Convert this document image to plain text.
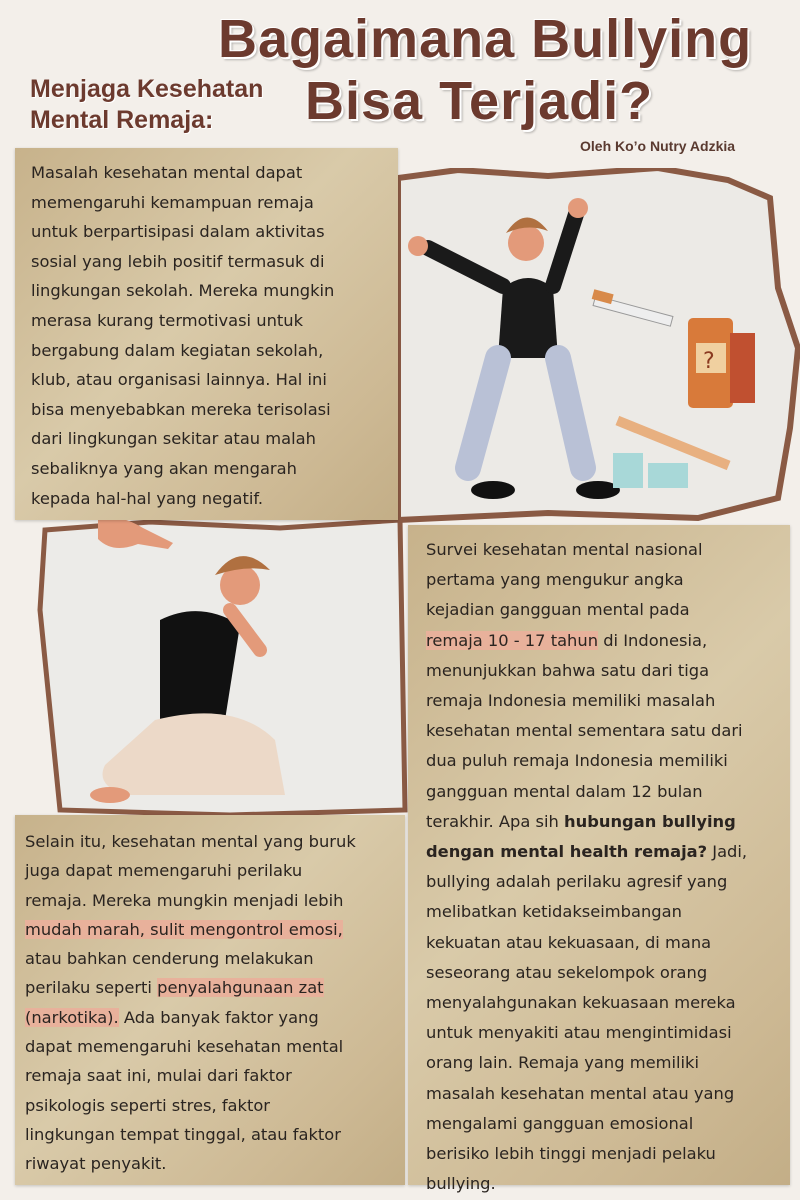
Bagaimana Bullying
Bisa Terjadi?
Menjaga Kesehatan
Mental Remaja:
Oleh Ko’o Nutry Adzkia
?
Masalah kesehatan mental dapat
memengaruhi kemampuan remaja
untuk berpartisipasi dalam aktivitas
sosial yang lebih positif termasuk di
lingkungan sekolah. Mereka mungkin
merasa kurang termotivasi untuk
bergabung dalam kegiatan sekolah,
klub, atau organisasi lainnya. Hal ini
bisa menyebabkan mereka terisolasi
dari lingkungan sekitar atau malah
sebaliknya yang akan mengarah
kepada hal-hal yang negatif.
Selain itu, kesehatan mental yang buruk
juga dapat memengaruhi perilaku
remaja. Mereka mungkin menjadi lebih
mudah marah, sulit mengontrol emosi,
atau bahkan cenderung melakukan
perilaku seperti penyalahgunaan zat
(narkotika). Ada banyak faktor yang
dapat memengaruhi kesehatan mental
remaja saat ini, mulai dari faktor
psikologis seperti stres, faktor
lingkungan tempat tinggal, atau faktor
riwayat penyakit.
Survei kesehatan mental nasional
pertama yang mengukur angka
kejadian gangguan mental pada
remaja 10 - 17 tahun di Indonesia,
menunjukkan bahwa satu dari tiga
remaja Indonesia memiliki masalah
kesehatan mental sementara satu dari
dua puluh remaja Indonesia memiliki
gangguan mental dalam 12 bulan
terakhir. Apa sih hubungan bullying
dengan mental health remaja? Jadi,
bullying adalah perilaku agresif yang
melibatkan ketidakseimbangan
kekuatan atau kekuasaan, di mana
seseorang atau sekelompok orang
menyalahgunakan kekuasaan mereka
untuk menyakiti atau mengintimidasi
orang lain. Remaja yang memiliki
masalah kesehatan mental atau yang
mengalami gangguan emosional
berisiko lebih tinggi menjadi pelaku
bullying.
